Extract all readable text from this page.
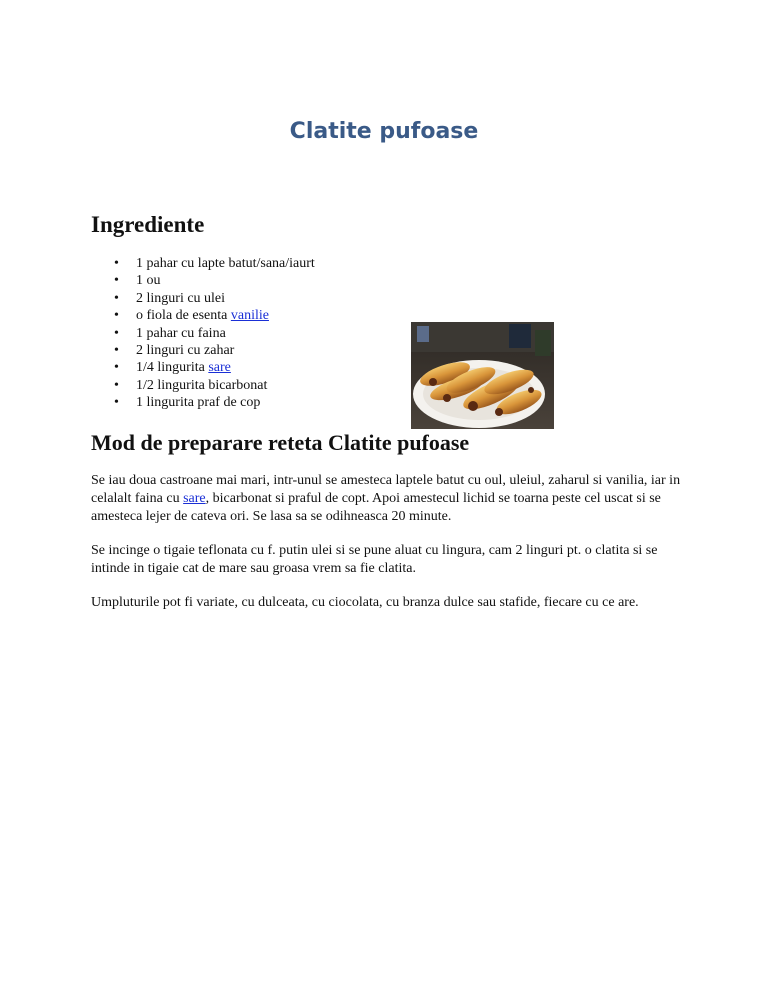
Clatite pufoase
Ingrediente
• 1 pahar cu lapte batut/sana/iaurt
• 1 ou
• 2 linguri cu ulei
• o fiola de esenta vanilie
• 1 pahar cu faina
• 2 linguri cu zahar
• 1/4 lingurita sare
• 1/2 lingurita bicarbonat
• 1 lingurita praf de cop
Mod de preparare reteta Clatite pufoase

Se iau doua castroane mai mari, intr-unul se amesteca laptele batut cu oul, uleiul, zaharul si vanilia, iar in celalalt faina cu sare, bicarbonat si praful de copt. Apoi amestecul lichid se toarna peste cel uscat si se amesteca lejer de cateva ori. Se lasa sa se odihneasca 20 minute.

Se incinge o tigaie teflonata cu f. putin ulei si se pune aluat cu lingura, cam 2 linguri pt. o clatita si se intinde in tigaie cat de mare sau groasa vrem sa fie clatita.

Umpluturile pot fi variate, cu dulceata, cu ciocolata, cu branza dulce sau stafide, fiecare cu ce are.
